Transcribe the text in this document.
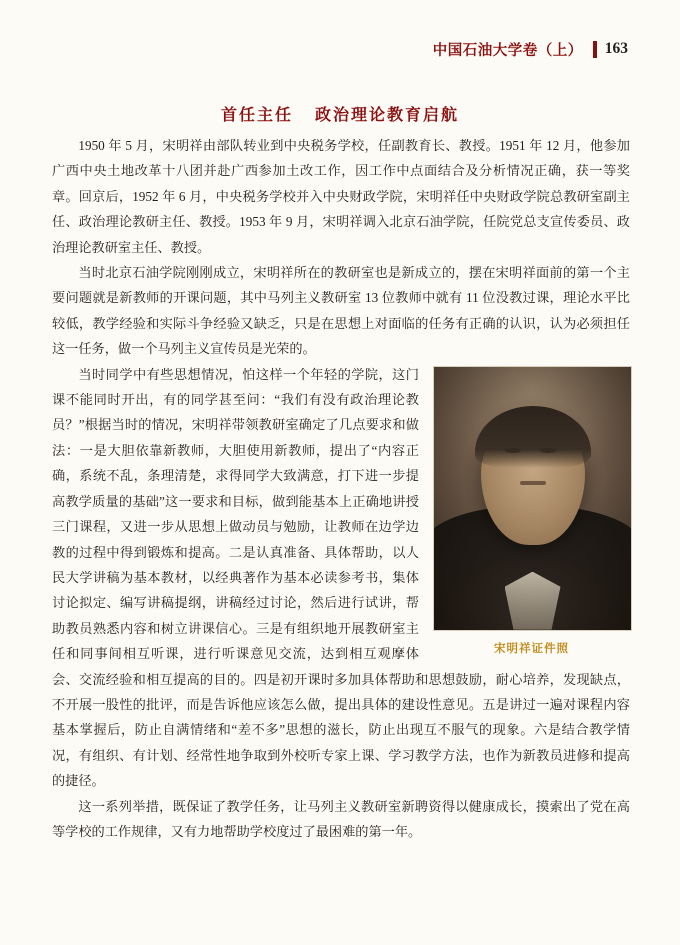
中国石油大学卷（上） 163
首任主任 政治理论教育启航

1950 年 5 月，宋明祥由部队转业到中央税务学校，任副教育长、教授。1951 年 12 月，他参加广西中央土地改革十八团并赴广西参加土改工作，因工作中点面结合及分析情况正确，获一等奖章。回京后，1952 年 6 月，中央税务学校并入中央财政学院，宋明祥任中央财政学院总教研室副主任、政治理论教研主任、教授。1953 年 9 月，宋明祥调入北京石油学院，任院党总支宣传委员、政治理论教研室主任、教授。

当时北京石油学院刚刚成立，宋明祥所在的教研室也是新成立的，摆在宋明祥面前的第一个主要问题就是新教师的开课问题，其中马列主义教研室 13 位教师中就有 11 位没教过课，理论水平比较低，教学经验和实际斗争经验又缺乏，只是在思想上对面临的任务有正确的认识，认为必须担任这一任务，做一个马列主义宣传员是光荣的。

宋明祥证件照

当时同学中有些思想情况，怕这样一个年轻的学院，这门课不能同时开出，有的同学甚至问：“我们有没有政治理论教员？”根据当时的情况，宋明祥带领教研室确定了几点要求和做法：一是大胆依靠新教师，大胆使用新教师，提出了“内容正确，系统不乱，条理清楚，求得同学大致满意，打下进一步提高教学质量的基础”这一要求和目标，做到能基本上正确地讲授三门课程，又进一步从思想上做动员与勉励，让教师在边学边教的过程中得到锻炼和提高。二是认真准备、具体帮助，以人民大学讲稿为基本教材，以经典著作为基本必读参考书，集体讨论拟定、编写讲稿提纲，讲稿经过讨论，然后进行试讲，帮助教员熟悉内容和树立讲课信心。三是有组织地开展教研室主任和同事间相互听课，进行听课意见交流，达到相互观摩体会、交流经验和相互提高的目的。四是初开课时多加具体帮助和思想鼓励，耐心培养，发现缺点，不开展一股性的批评，而是告诉他应该怎么做，提出具体的建设性意见。五是讲过一遍对课程内容基本掌握后，防止自满情绪和“差不多”思想的滋长，防止出现互不服气的现象。六是结合教学情况，有组织、有计划、经常性地争取到外校听专家上课、学习教学方法，也作为新教员进修和提高的捷径。

这一系列举措，既保证了教学任务，让马列主义教研室新聘资得以健康成长，摸索出了党在高等学校的工作规律，又有力地帮助学校度过了最困难的第一年。
